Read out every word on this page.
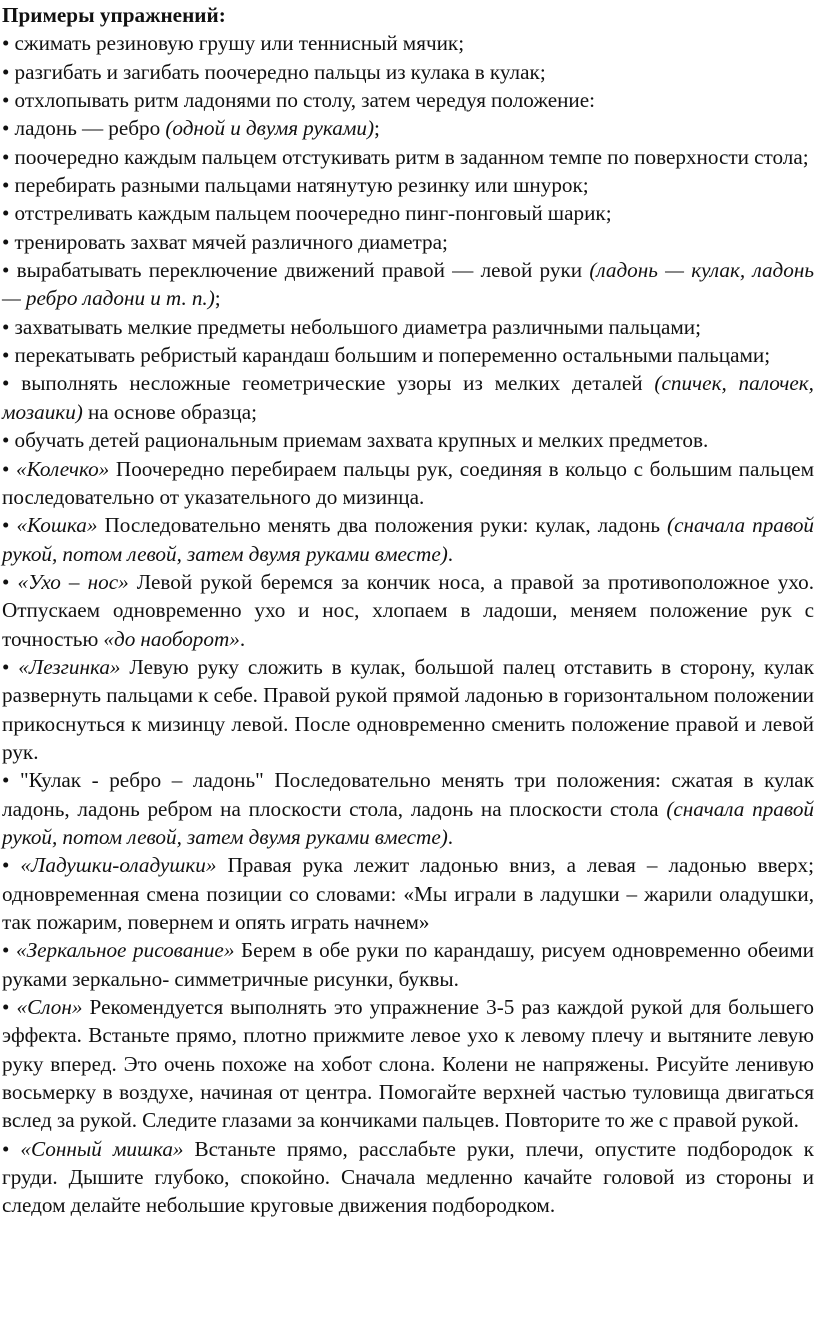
Примеры упражнений:

• сжимать резиновую грушу или теннисный мячик;

• разгибать и загибать поочередно пальцы из кулака в кулак;

• отхлопывать ритм ладонями по столу, затем чередуя положение:

• ладонь — ребро (одной и двумя руками);

• поочередно каждым пальцем отстукивать ритм в заданном темпе по поверхности стола;

• перебирать разными пальцами натянутую резинку или шнурок;

• отстреливать каждым пальцем поочередно пинг-понговый шарик;

• тренировать захват мячей различного диаметра;

• вырабатывать переключение движений правой — левой руки (ладонь — кулак, ладонь — ребро ладони и т. п.);

• захватывать мелкие предметы небольшого диаметра различными пальцами;

• перекатывать ребристый карандаш большим и попеременно остальными пальцами;

• выполнять несложные геометрические узоры из мелких деталей (спичек, палочек, мозаики) на основе образца;

• обучать детей рациональным приемам захвата крупных и мелких предметов.

• «Колечко» Поочередно перебираем пальцы рук, соединяя в кольцо с большим пальцем последовательно от указательного до мизинца.

• «Кошка» Последовательно менять два положения руки: кулак, ладонь (сначала правой рукой, потом левой, затем двумя руками вместе).

• «Ухо – нос» Левой рукой беремся за кончик носа, а правой за противоположное ухо. Отпускаем одновременно ухо и нос, хлопаем в ладоши, меняем положение рук с точностью «до наоборот».

• «Лезгинка» Левую руку сложить в кулак, большой палец отставить в сторону, кулак развернуть пальцами к себе. Правой рукой прямой ладонью в горизонтальном положении прикоснуться к мизинцу левой. После одновременно сменить положение правой и левой рук.

• "Кулак - ребро – ладонь" Последовательно менять три положения: сжатая в кулак ладонь, ладонь ребром на плоскости стола, ладонь на плоскости стола (сначала правой рукой, потом левой, затем двумя руками вместе).

• «Ладушки-оладушки» Правая рука лежит ладонью вниз, а левая – ладонью вверх; одновременная смена позиции со словами: «Мы играли в ладушки – жарили оладушки, так пожарим, повернем и опять играть начнем»

• «Зеркальное рисование» Берем в обе руки по карандашу, рисуем одновременно обеими руками зеркально- симметричные рисунки, буквы.

• «Слон» Рекомендуется выполнять это упражнение 3-5 раз каждой рукой для большего эффекта. Встаньте прямо, плотно прижмите левое ухо к левому плечу и вытяните левую руку вперед. Это очень похоже на хобот слона. Колени не напряжены. Рисуйте ленивую восьмерку в воздухе, начиная от центра. Помогайте верхней частью туловища двигаться вслед за рукой. Следите глазами за кончиками пальцев. Повторите то же с правой рукой.

• «Сонный мишка» Встаньте прямо, расслабьте руки, плечи, опустите подбородок к груди. Дышите глубоко, спокойно. Сначала медленно качайте головой из стороны и следом делайте небольшие круговые движения подбородком.
